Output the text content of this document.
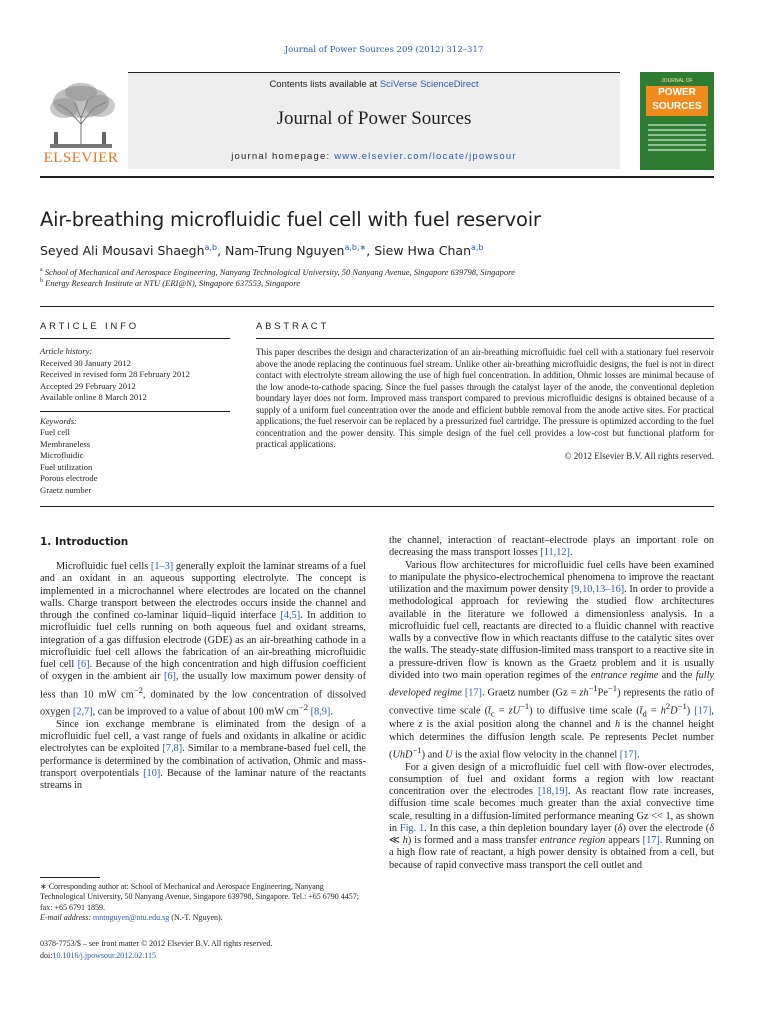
Journal of Power Sources 209 (2012) 312–317
ELSEVIER
Contents lists available at SciVerse ScienceDirect
Journal of Power Sources
journal homepage: www.elsevier.com/locate/jpowsour
JOURNAL OF
POWER
SOURCES
Air-breathing microfluidic fuel cell with fuel reservoir
Seyed Ali Mousavi Shaegh$^{a,b}$, Nam-Trung Nguyen$^{a,b,∗}$, Siew Hwa Chan$^{a,b}$
$^a$ School of Mechanical and Aerospace Engineering, Nanyang Technological University, 50 Nanyang Avenue, Singapore 639798, Singapore
$^b$ Energy Research Institute at NTU (ERI@N), Singapore 637553, Singapore
ARTICLE INFO	ABSTRACT
Article history:
Received 30 January 2012
Received in revised form 28 February 2012
Accepted 29 February 2012
Available online 8 March 2012
Keywords:
Fuel cell
Membraneless
Microfluidic
Fuel utilization
Porous electrode
Graetz number
This paper describes the design and characterization of an air-breathing microfluidic fuel cell with a stationary fuel reservoir above the anode replacing the continuous fuel stream. Unlike other air-breathing microfluidic designs, the fuel is not in direct contact with electrolyte stream allowing the use of high fuel concentration. In addition, Ohmic losses are minimal because of the low anode-to-cathode spacing. Since the fuel passes through the catalyst layer of the anode, the conventional depletion boundary layer does not form. Improved mass transport compared to previous microfluidic designs is obtained because of a supply of a uniform fuel concentration over the anode and efficient bubble removal from the anode active sites. For practical applications, the fuel reservoir can be replaced by a pressurized fuel cartridge. The pressure is optimized according to the fuel concentration and the power density. This simple design of the fuel cell provides a low-cost but functional platform for practical applications.
© 2012 Elsevier B.V. All rights reserved.
1. Introduction

Microfluidic fuel cells [1–3] generally exploit the laminar streams of a fuel and an oxidant in an aqueous supporting electrolyte. The concept is implemented in a microchannel where electrodes are located on the channel walls. Charge transport between the electrodes occurs inside the channel and through the confined co-laminar liquid–liquid interface [4,5]. In addition to microfluidic fuel cells running on both aqueous fuel and oxidant streams, integration of a gas diffusion electrode (GDE) as an air-breathing cathode in a microfluidic fuel cell allows the fabrication of an air-breathing microfluidic fuel cell [6]. Because of the high concentration and high diffusion coefficient of oxygen in the ambient air [6], the usually low maximum power density of less than 10 mW $cm^{-2}$, dominated by the low concentration of dissolved oxygen [2,7], can be improved to a value of about 100 mW $cm^{-2}$ [8,9].

Since ion exchange membrane is eliminated from the design of a microfluidic fuel cell, a vast range of fuels and oxidants in alkaline or acidic electrolytes can be exploited [7,8]. Similar to a membrane-based fuel cell, the performance is determined by the combination of activation, Ohmic and mass-transport overpotentials [10]. Because of the laminar nature of the reactants streams in

the channel, interaction of reactant–electrode plays an important role on decreasing the mass transport losses [11,12].

Various flow architectures for microfluidic fuel cells have been examined to manipulate the physico-electrochemical phenomena to improve the reactant utilization and the maximum power density [9,10,13–16]. In order to provide a methodological approach for reviewing the studied flow architectures available in the literature we followed a dimensionless analysis. In a microfluidic fuel cell, reactants are directed to a fluidic channel with reactive walls by a convective flow in which reactants diffuse to the catalytic sites over the walls. The steady-state diffusion-limited mass transport to a reactive site in a pressure-driven flow is known as the Graetz problem and it is usually divided into two main operation regimes of the entrance regime and the fully developed regime [17]. Graetz number $(Gz = zh^{-1}Pe^{-1})$ represents the ratio of convective time scale $(t̄_c = zU^{-1})$ to diffusive time scale $(t̄_d = h^2D^{-1})$ [17], where z is the axial position along the channel and h is the channel height which determines the diffusion length scale. Pe represents Peclet number (UhD$^{-1}$) and U is the axial flow velocity in the channel [17].

For a given design of a microfluidic fuel cell with flow-over electrodes, consumption of fuel and oxidant forms a region with low reactant concentration over the electrodes [18,19]. As reactant flow rate increases, diffusion time scale becomes much greater than the axial convective time scale, resulting in a diffusion-limited performance meaning Gz << 1, as shown in Fig. 1. In this case, a thin depletion boundary layer (δ) over the electrode (δ ≪ h) is formed and a mass transfer entrance region appears [17]. Running on a high flow rate of reactant, a high power density is obtained from a cell, but because of rapid convective mass transport the cell outlet and

∗ Corresponding author at: School of Mechanical and Aerospace Engineering, Nanyang Technological University, 50 Nanyang Avenue, Singapore 639798, Singapore. Tel.: +65 6790 4457; fax: +65 6791 1859.
E-mail address: mntnguyen@ntu.edu.sg (N.-T. Nguyen).
0378-7753/$ – see front matter © 2012 Elsevier B.V. All rights reserved.
doi:10.1016/j.jpowsour.2012.02.115
